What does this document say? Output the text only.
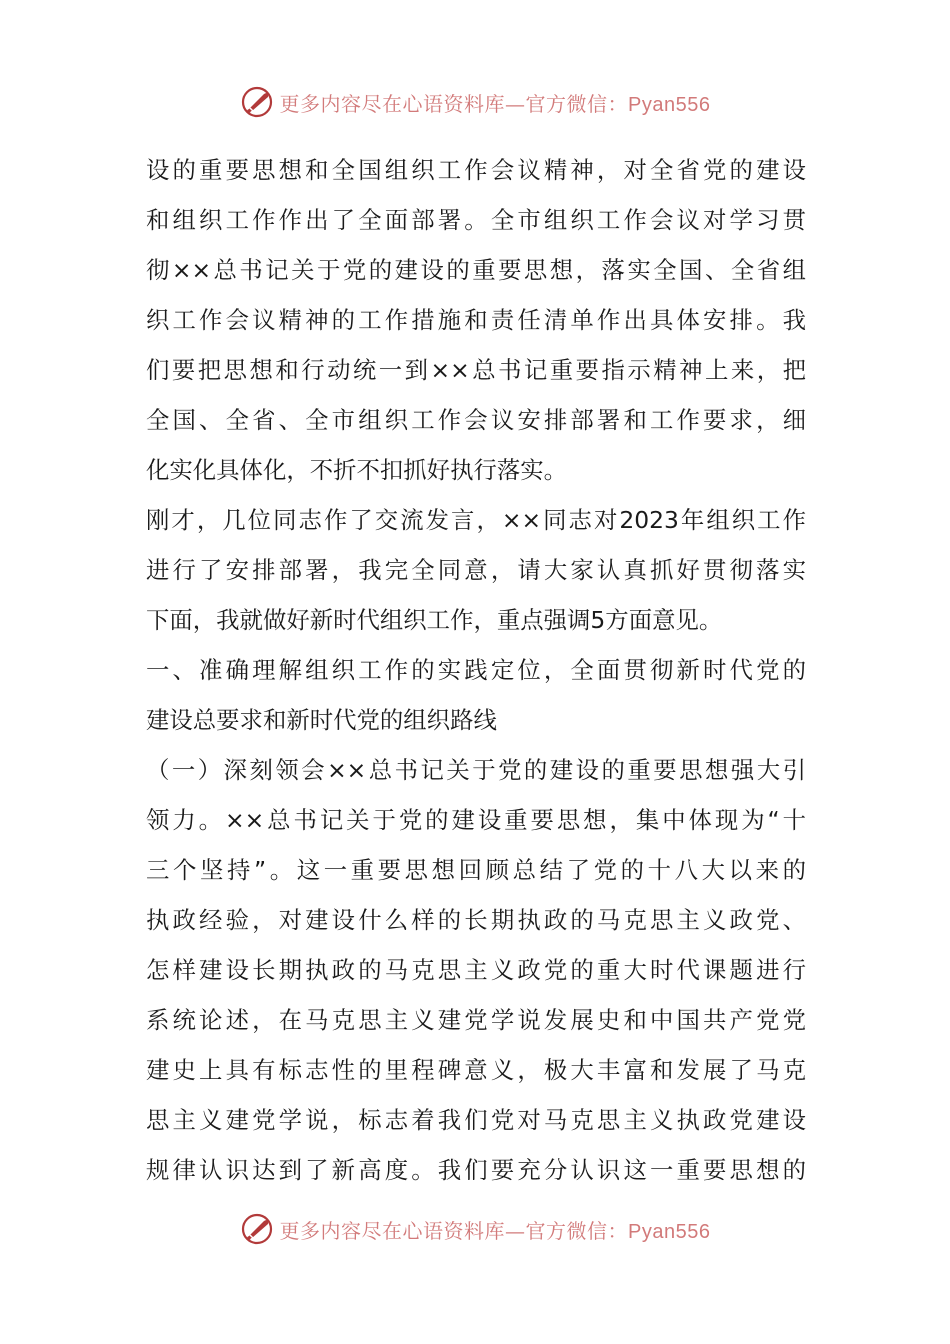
更多内容尽在心语资料库—官方微信：Pyan556
设的重要思想和全国组织工作会议精神，对全省党的建设
和组织工作作出了全面部署。全市组织工作会议对学习贯
彻××总书记关于党的建设的重要思想，落实全国、全省组
织工作会议精神的工作措施和责任清单作出具体安排。我
们要把思想和行动统一到××总书记重要指示精神上来，把
全国、全省、全市组织工作会议安排部署和工作要求，细
化实化具体化，不折不扣抓好执行落实。
刚才，几位同志作了交流发言，××同志对2023年组织工作
进行了安排部署，我完全同意，请大家认真抓好贯彻落实
下面，我就做好新时代组织工作，重点强调5方面意见。
一、准确理解组织工作的实践定位，全面贯彻新时代党的
建设总要求和新时代党的组织路线
（一）深刻领会××总书记关于党的建设的重要思想强大引
领力。××总书记关于党的建设重要思想，集中体现为“十
三个坚持”。这一重要思想回顾总结了党的十八大以来的
执政经验，对建设什么样的长期执政的马克思主义政党、
怎样建设长期执政的马克思主义政党的重大时代课题进行
系统论述，在马克思主义建党学说发展史和中国共产党党
建史上具有标志性的里程碑意义，极大丰富和发展了马克
思主义建党学说，标志着我们党对马克思主义执政党建设
规律认识达到了新高度。我们要充分认识这一重要思想的
更多内容尽在心语资料库—官方微信：Pyan556
